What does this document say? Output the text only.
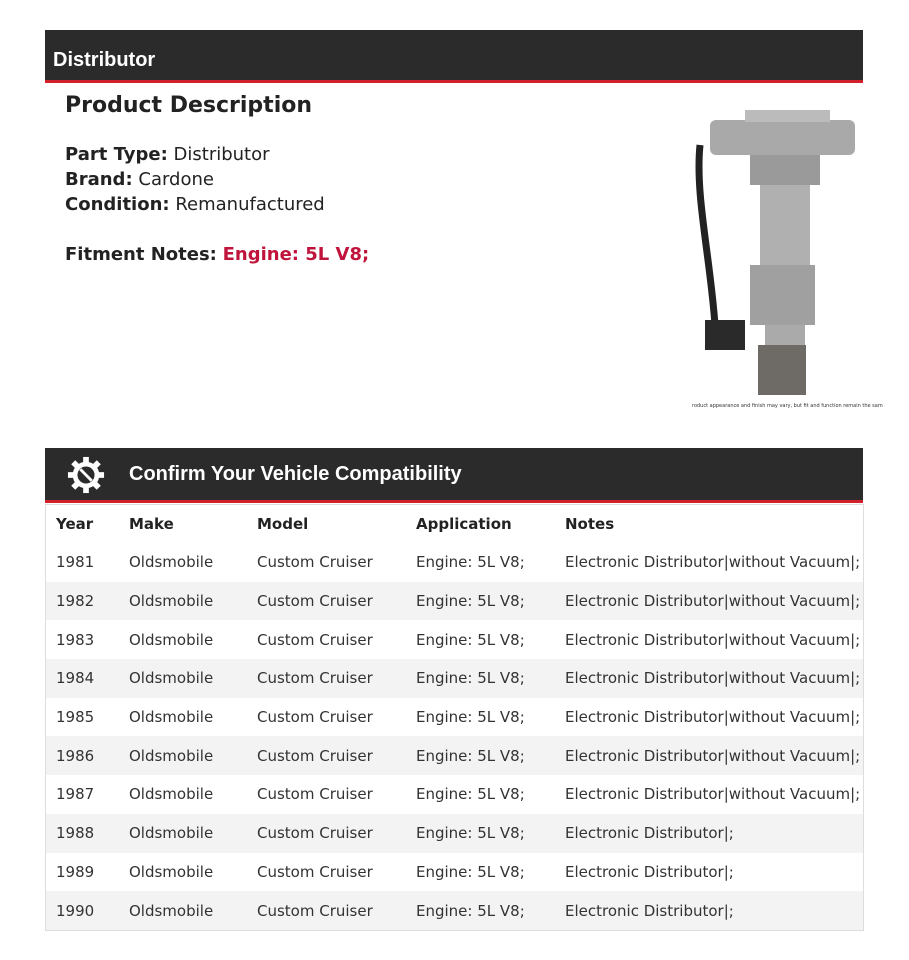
Distributor
Product Description
Part Type: Distributor
Brand: Cardone
Condition: Remanufactured
Fitment Notes: Engine: 5L V8;
roduct appearance and finish may vary, but fit and function remain the sam
Confirm Your Vehicle Compatibility
Year	Make	Model	Application	Notes
1981	Oldsmobile	Custom Cruiser	Engine: 5L V8;	Electronic Distributor|without Vacuum|;
1982	Oldsmobile	Custom Cruiser	Engine: 5L V8;	Electronic Distributor|without Vacuum|;
1983	Oldsmobile	Custom Cruiser	Engine: 5L V8;	Electronic Distributor|without Vacuum|;
1984	Oldsmobile	Custom Cruiser	Engine: 5L V8;	Electronic Distributor|without Vacuum|;
1985	Oldsmobile	Custom Cruiser	Engine: 5L V8;	Electronic Distributor|without Vacuum|;
1986	Oldsmobile	Custom Cruiser	Engine: 5L V8;	Electronic Distributor|without Vacuum|;
1987	Oldsmobile	Custom Cruiser	Engine: 5L V8;	Electronic Distributor|without Vacuum|;
1988	Oldsmobile	Custom Cruiser	Engine: 5L V8;	Electronic Distributor|;
1989	Oldsmobile	Custom Cruiser	Engine: 5L V8;	Electronic Distributor|;
1990	Oldsmobile	Custom Cruiser	Engine: 5L V8;	Electronic Distributor|;
